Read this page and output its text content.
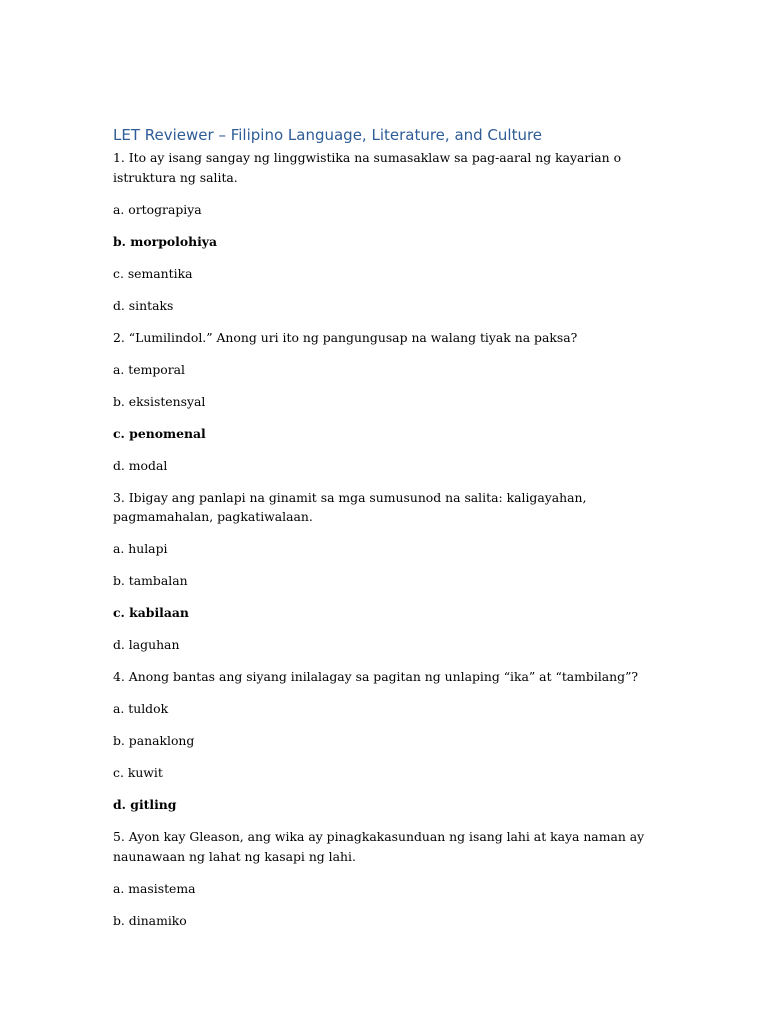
LET Reviewer – Filipino Language, Literature, and Culture
1. Ito ay isang sangay ng linggwistika na sumasaklaw sa pag-aaral ng kayarian o istruktura ng salita.
a. ortograpiya
b. morpolohiya
c. semantika
d. sintaks
2. “Lumilindol.” Anong uri ito ng pangungusap na walang tiyak na paksa?
a. temporal
b. eksistensyal
c. penomenal
d. modal
3. Ibigay ang panlapi na ginamit sa mga sumusunod na salita: kaligayahan, pagmamahalan, pagkatiwalaan.
a. hulapi
b. tambalan
c. kabilaan
d. laguhan
4. Anong bantas ang siyang inilalagay sa pagitan ng unlaping “ika” at “tambilang”?
a. tuldok
b. panaklong
c. kuwit
d. gitling
5. Ayon kay Gleason, ang wika ay pinagkakasunduan ng isang lahi at kaya naman ay naunawaan ng lahat ng kasapi ng lahi.
a. masistema
b. dinamiko
